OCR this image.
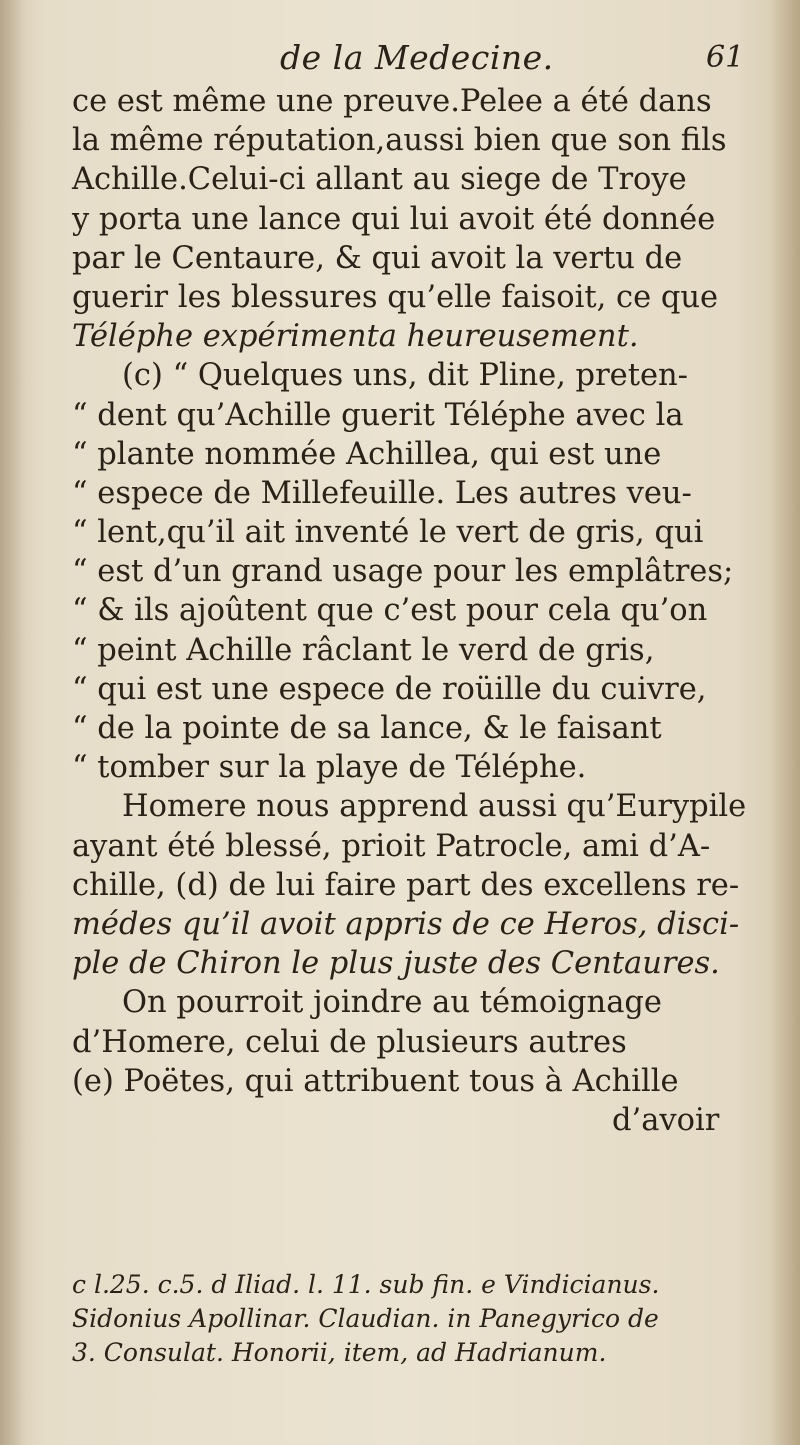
de la Medecine.	61
ce est même une preuve.Pelee a été dans
la même réputation,aussi bien que son fils
Achille.Celui-ci allant au siege de Troye
y porta une lance qui lui avoit été donnée
par le Centaure, & qui avoit la vertu de
guerir les blessures qu’elle faisoit, ce que
Téléphe expérimenta heureusement.
(c) “ Quelques uns, dit Pline, preten-
“ dent qu’Achille guerit Téléphe avec la
“ plante nommée Achillea, qui est une
“ espece de Millefeuille. Les autres veu-
“ lent,qu’il ait inventé le vert de gris, qui
“ est d’un grand usage pour les emplâtres;
“ & ils ajoûtent que c’est pour cela qu’on
“ peint Achille râclant le verd de gris,
“ qui est une espece de roüille du cuivre,
“ de la pointe de sa lance, & le faisant
“ tomber sur la playe de Téléphe.
Homere nous apprend aussi qu’Eurypile
ayant été blessé, prioit Patrocle, ami d’A-
chille, (d) de lui faire part des excellens re-
médes qu’il avoit appris de ce Heros, disci-
ple de Chiron le plus juste des Centaures.
On pourroit joindre au témoignage
d’Homere, celui de plusieurs autres
(e) Poëtes, qui attribuent tous à Achille
d’avoir
c l.25. c.5. d Iliad. l. 11. sub fin. e Vindicianus.
Sidonius Apollinar. Claudian. in Panegyrico de
3. Consulat. Honorii, item, ad Hadrianum.
